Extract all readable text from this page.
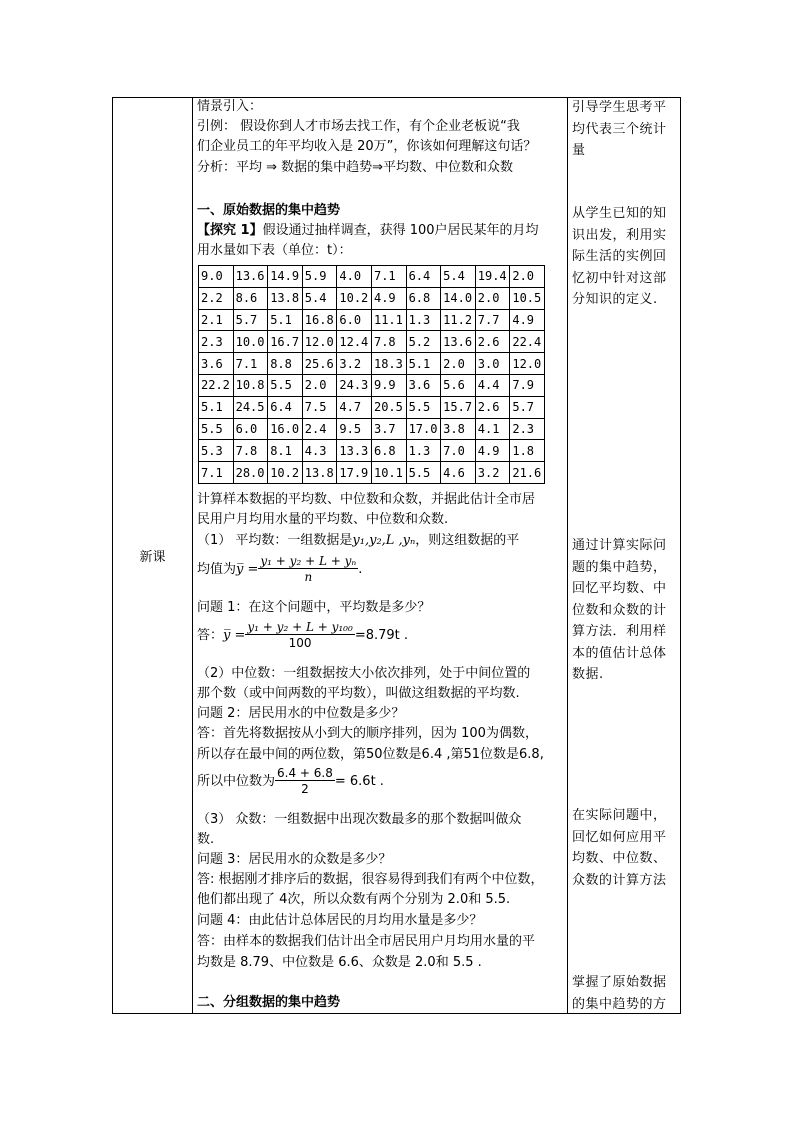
新课
情景引入：
引例： 假设你到人才市场去找工作，有个企业老板说“我
们企业员工的年平均收入是 20万”，你该如何理解这句话？
分析：平均 ⇒ 数据的集中趋势⇒平均数、中位数和众数
一、原始数据的集中趋势
【探究 1】假设通过抽样调查，获得 100户居民某年的月均
用水量如下表（单位：t）：
9.0	13.6	14.9	5.9	4.0	7.1	6.4	5.4	19.4	2.0
2.2	8.6	13.8	5.4	10.2	4.9	6.8	14.0	2.0	10.5
2.1	5.7	5.1	16.8	6.0	11.1	1.3	11.2	7.7	4.9
2.3	10.0	16.7	12.0	12.4	7.8	5.2	13.6	2.6	22.4
3.6	7.1	8.8	25.6	3.2	18.3	5.1	2.0	3.0	12.0
22.2	10.8	5.5	2.0	24.3	9.9	3.6	5.6	4.4	7.9
5.1	24.5	6.4	7.5	4.7	20.5	5.5	15.7	2.6	5.7
5.5	6.0	16.0	2.4	9.5	3.7	17.0	3.8	4.1	2.3
5.3	7.8	8.1	4.3	13.3	6.8	1.3	7.0	4.9	1.8
7.1	28.0	10.2	13.8	17.9	10.1	5.5	4.6	3.2	21.6
计算样本数据的平均数、中位数和众数，并据此估计全市居
民用户月均用水量的平均数、中位数和众数.
（1） 平均数：一组数据是y₁,y₂,L ,yₙ，则这组数据的平
均值为y̅ = $\frac{\text{y₁ + y₂ + L + yₙ}}{n}$ .
问题 1：在这个问题中，平均数是多少？
答：y̅ = $\frac{\text{y₁ + y₂ + L + y₁₀₀}}{100} =8.79t$ .
（2）中位数：一组数据按大小依次排列，处于中间位置的
那个数（或中间两数的平均数），叫做这组数据的平均数.
问题 2：居民用水的中位数是多少？
答：首先将数据按从小到大的顺序排列，因为 100为偶数，
所以存在最中间的两位数，第50位数是6.4 ,第51位数是6.8,
所以中位数为 $\frac{6.4 + 6.8}{2} = 6.6t$ .
（3） 众数：一组数据中出现次数最多的那个数据叫做众
数.
问题 3：居民用水的众数是多少？
答: 根据刚才排序后的数据，很容易得到我们有两个中位数，
他们都出现了 4次，所以众数有两个分别为 2.0和 5.5.
问题 4：由此估计总体居民的月均用水量是多少？
答：由样本的数据我们估计出全市居民用户月均用水量的平
均数是 8.79、中位数是 6.6、众数是 2.0和 5.5 .
二、分组数据的集中趋势
引导学生思考平
均代表三个统计
量
从学生已知的知
识出发，利用实
际生活的实例回
忆初中针对这部
分知识的定义.
通过计算实际问
题的集中趋势，
回忆平均数、中
位数和众数的计
算方法．利用样
本的值估计总体
数据.
在实际问题中，
回忆如何应用平
均数、中位数、
众数的计算方法
掌握了原始数据
的集中趋势的方
